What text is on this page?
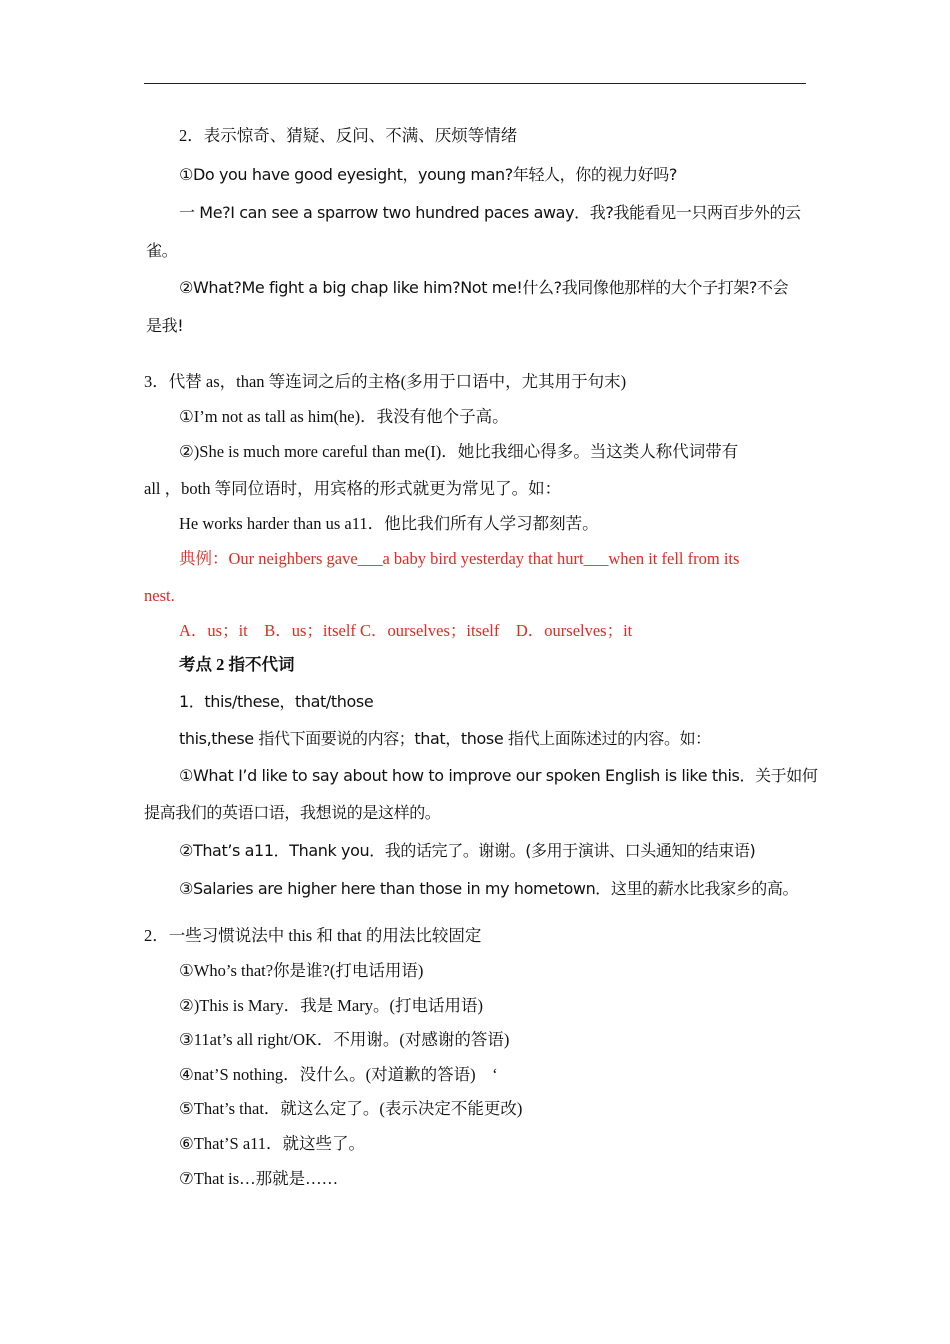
2．表示惊奇、猜疑、反问、不满、厌烦等情绪
①Do you have good eyesight，young man?年轻人，你的视力好吗?
一 Me?I can see a sparrow two hundred paces away．我?我能看见一只两百步外的云
雀。
②What?Me fight a big chap like him?Not me!什么?我同像他那样的大个子打架?不会
是我!
3．代替 as，than 等连词之后的主格(多用于口语中，尤其用于句末)
①I’m not as tall as him(he)．我没有他个子高。
②)She is much more careful than me(I)．她比我细心得多。当这类人称代词带有
all ，both 等同位语时，用宾格的形式就更为常见了。如：
He works harder than us a11．他比我们所有人学习都刻苦。
典例：Our neighbers gave___a baby bird yesterday that hurt___when it fell from its
nest.
A．us；it　B．us；itself C．ourselves；itself　D．ourselves；it
考点 2 指不代词
1．this/these，that/those
this,these 指代下面要说的内容；that，those 指代上面陈述过的内容。如：
①What I’d like to say about how to improve our spoken English is like this．关于如何
提高我们的英语口语，我想说的是这样的。
②That’s a11．Thank you．我的话完了。谢谢。(多用于演讲、口头通知的结束语)
③Salaries are higher here than those in my hometown．这里的薪水比我家乡的高。
2．一些习惯说法中 this 和 that 的用法比较固定
①Who’s that?你是谁?(打电话用语)
②)This is Mary．我是 Mary。(打电话用语)
③11at’s all right/OK．不用谢。(对感谢的答语)
④nat’S nothing．没什么。(对道歉的答语)　‘
⑤That’s that．就这么定了。(表示决定不能更改)
⑥That’S a11．就这些了。
⑦That is…那就是……
